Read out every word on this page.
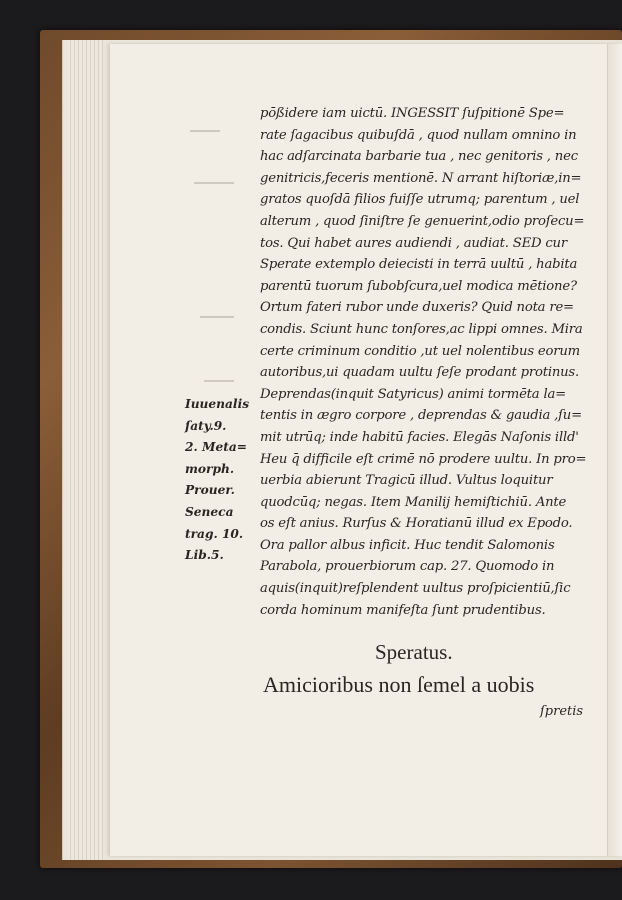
pōßidere iam uictū. INGESSIT ſuſpitionē Spe=
rate ſagacibus quibuſdā , quod nullam omnino in
hac adſarcinata barbarie tua , nec genitoris , nec
genitricis,feceris mentionē. N arrant hiſtoriæ,in=
gratos quoſdā filios fuiſſe utrumq; parentum , uel
alterum , quod ſiniſtre ſe genuerint,odio proſecu=
tos. Qui habet aures audiendi , audiat. SED cur
Sperate extemplo deiecisti in terrā uultū , habita
parentū tuorum ſubobſcura,uel modica mētione?
Ortum fateri rubor unde duxeris? Quid nota re=
condis. Sciunt hunc tonſores,ac lippi omnes. Mira
certe criminum conditio ,ut uel nolentibus eorum
autoribus,ui quadam uultu ſeſe prodant protinus.
Deprendas(inquit Satyricus) animi tormēta la=
tentis in ægro corpore , deprendas & gaudia ,ſu=
mit utrūq; inde habitū facies. Elegās Naſonis illd'
Heu q̄ difficile eſt crimē nō prodere uultu. In pro=
uerbia abierunt Tragicū illud. Vultus loquitur
quodcūq; negas. Item Manilij hemiſtichiū. Ante
os eſt anius. Rurſus & Horatianū illud ex Epodo.
Ora pallor albus inficit. Huc tendit Salomonis
Parabola, prouerbiorum cap. 27. Quomodo in
aquis(inquit)reſplendent uultus proſpicientiū,ſic
corda hominum manifeſta ſunt prudentibus.
Iuuenalis
ſaty.9.
2. Meta=
morph.
Prouer.
Seneca
trag. 10.
Lib.5.
Speratus.
Amicioribus non ſemel a uobis
ſpretis
